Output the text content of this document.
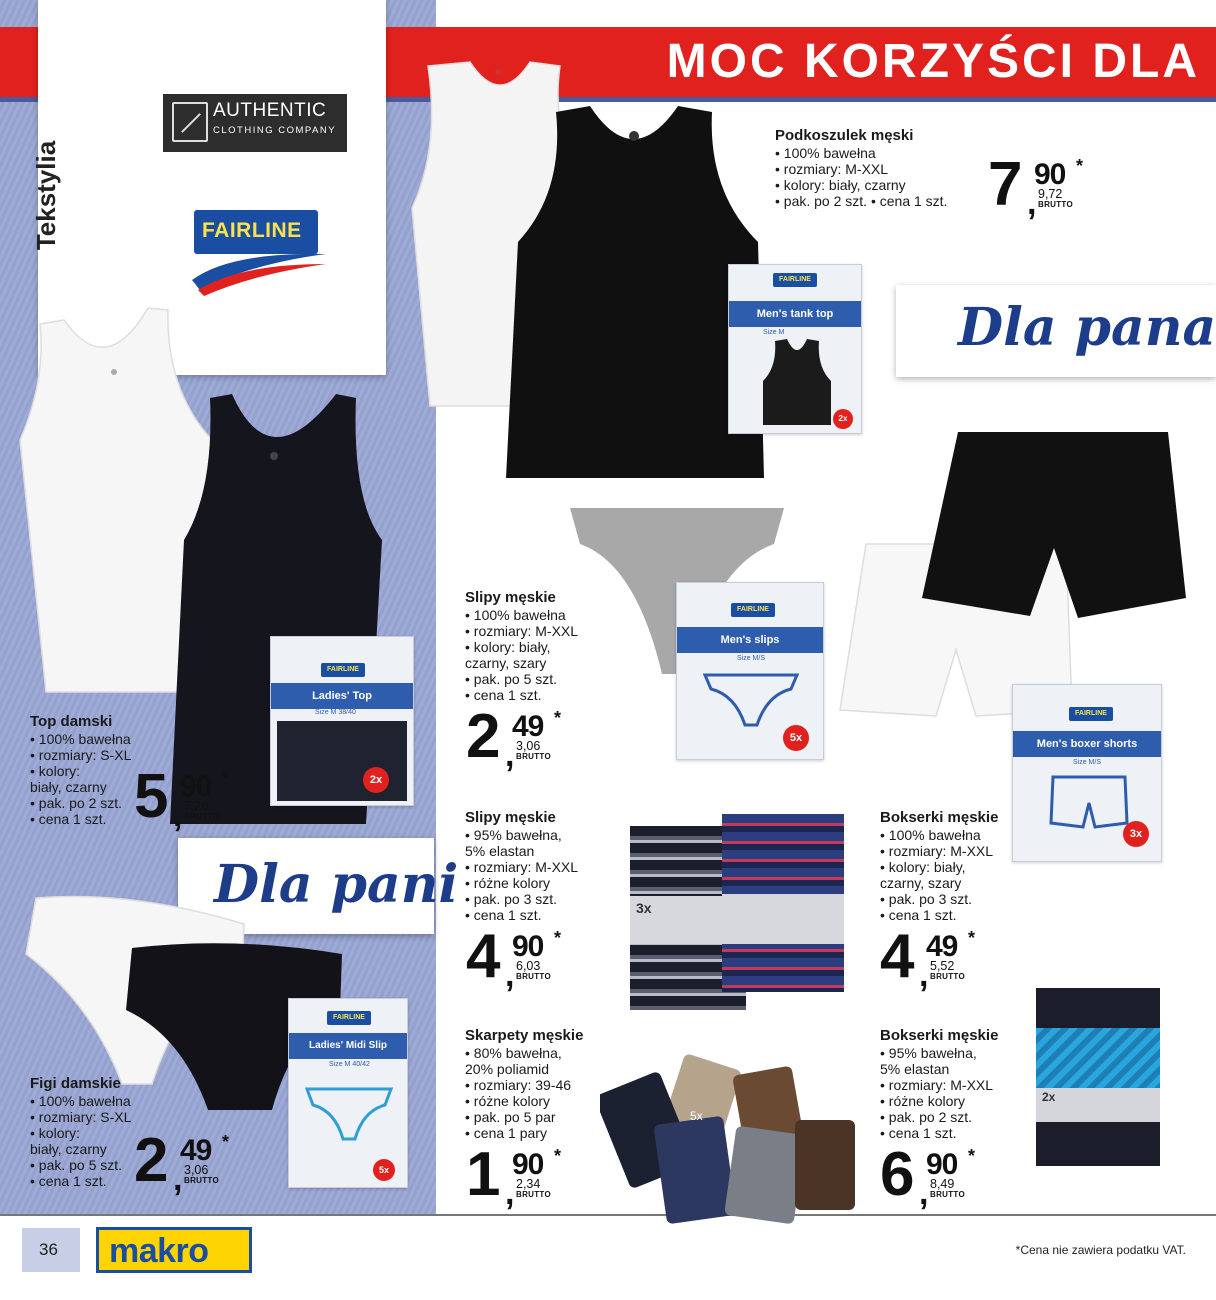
MOC KORZYŚCI DLA
Tekstylia
AUTHENTIC
CLOTHING COMPANY
FAIRLINE
FAIRLINE
Men's tank top
Size M
2x
Dla pana
Podkoszulek męski
• 100% bawełna
• rozmiary: M-XXL
• kolory: biały, czarny
• pak. po 2 szt. • cena 1 szt. 7 ,
90 *
9,72
BRUTTO
FAIRLINE
Ladies' Top
Size M 38/40
2x
Top damski
• 100% bawełna
• rozmiary: S-XL
• kolory:
biały, czarny
• pak. po 2 szt.
• cena 1 szt. 5 ,
90 *
7,26
BRUTTO
FAIRLINE
Men's slips
Size M/S
5x
Slipy męskie
• 100% bawełna
• rozmiary: M-XXL
• kolory: biały,
czarny, szary
• pak. po 5 szt.
• cena 1 szt.
2 ,
49 *
3,06
BRUTTO
FAIRLINE
Men's boxer shorts
Size M/S
3x
Slipy męskie
• 95% bawełna,
5% elastan
• rozmiary: M-XXL
• różne kolory
• pak. po 3 szt.
• cena 1 szt.
4 ,
90 *
6,03
BRUTTO
3x
Bokserki męskie
• 100% bawełna
• rozmiary: M-XXL
• kolory: biały,
czarny, szary
• pak. po 3 szt.
• cena 1 szt.
4 ,
49 *
5,52
BRUTTO
Dla pani
FAIRLINE
Ladies' Midi Slip
Size M 40/42
5x
Figi damskie
• 100% bawełna
• rozmiary: S-XL
• kolory:
biały, czarny
• pak. po 5 szt.
• cena 1 szt. 2 ,
49 *
3,06
BRUTTO
Skarpety męskie
• 80% bawełna,
20% poliamid
• rozmiary: 39-46
• różne kolory
• pak. po 5 par
• cena 1 pary
1 ,
90 *
2,34
BRUTTO
5x
Bokserki męskie
• 95% bawełna,
5% elastan
• rozmiary: M-XXL
• różne kolory
• pak. po 2 szt.
• cena 1 szt.
6 ,
90 *
8,49
BRUTTO
2x
36 makro	*Cena nie zawiera podatku VAT.
